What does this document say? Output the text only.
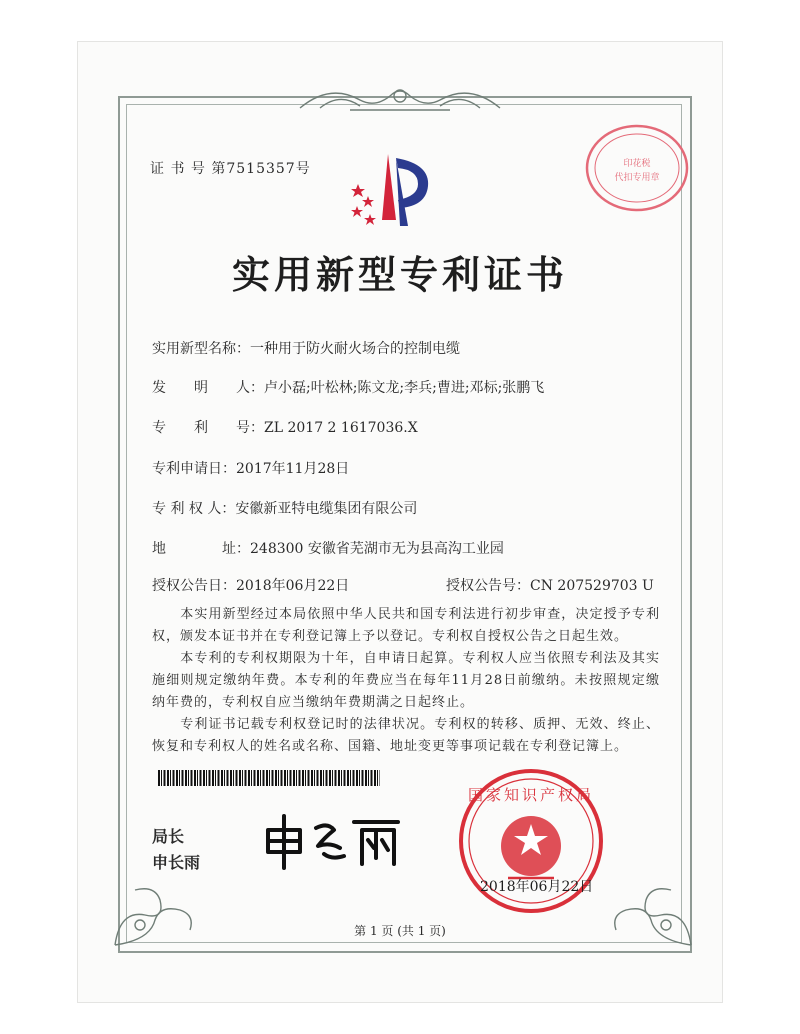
证 书 号 第7515357号	印花税
代扣专用章
实用新型专利证书
实用新型名称：一种用于防火耐火场合的控制电缆
发　　明　　人：卢小磊;叶松林;陈文龙;李兵;曹进;邓标;张鹏飞
专　　利　　号：ZL 2017 2 1617036.X
专利申请日：2017年11月28日
专 利 权 人：安徽新亚特电缆集团有限公司
地　　　　址：248300 安徽省芜湖市无为县高沟工业园
授权公告日：2018年06月22日	授权公告号：CN 207529703 U
　　本实用新型经过本局依照中华人民共和国专利法进行初步审查，决定授予专利权，颁发本证书并在专利登记簿上予以登记。专利权自授权公告之日起生效。
　　本专利的专利权期限为十年，自申请日起算。专利权人应当依照专利法及其实施细则规定缴纳年费。本专利的年费应当在每年11月28日前缴纳。未按照规定缴纳年费的，专利权自应当缴纳年费期满之日起终止。
　　专利证书记载专利权登记时的法律状况。专利权的转移、质押、无效、终止、恢复和专利权人的姓名或名称、国籍、地址变更等事项记载在专利登记簿上。
局长
申长雨
国家知识产权局
2018年06月22日
第 1 页 (共 1 页)
